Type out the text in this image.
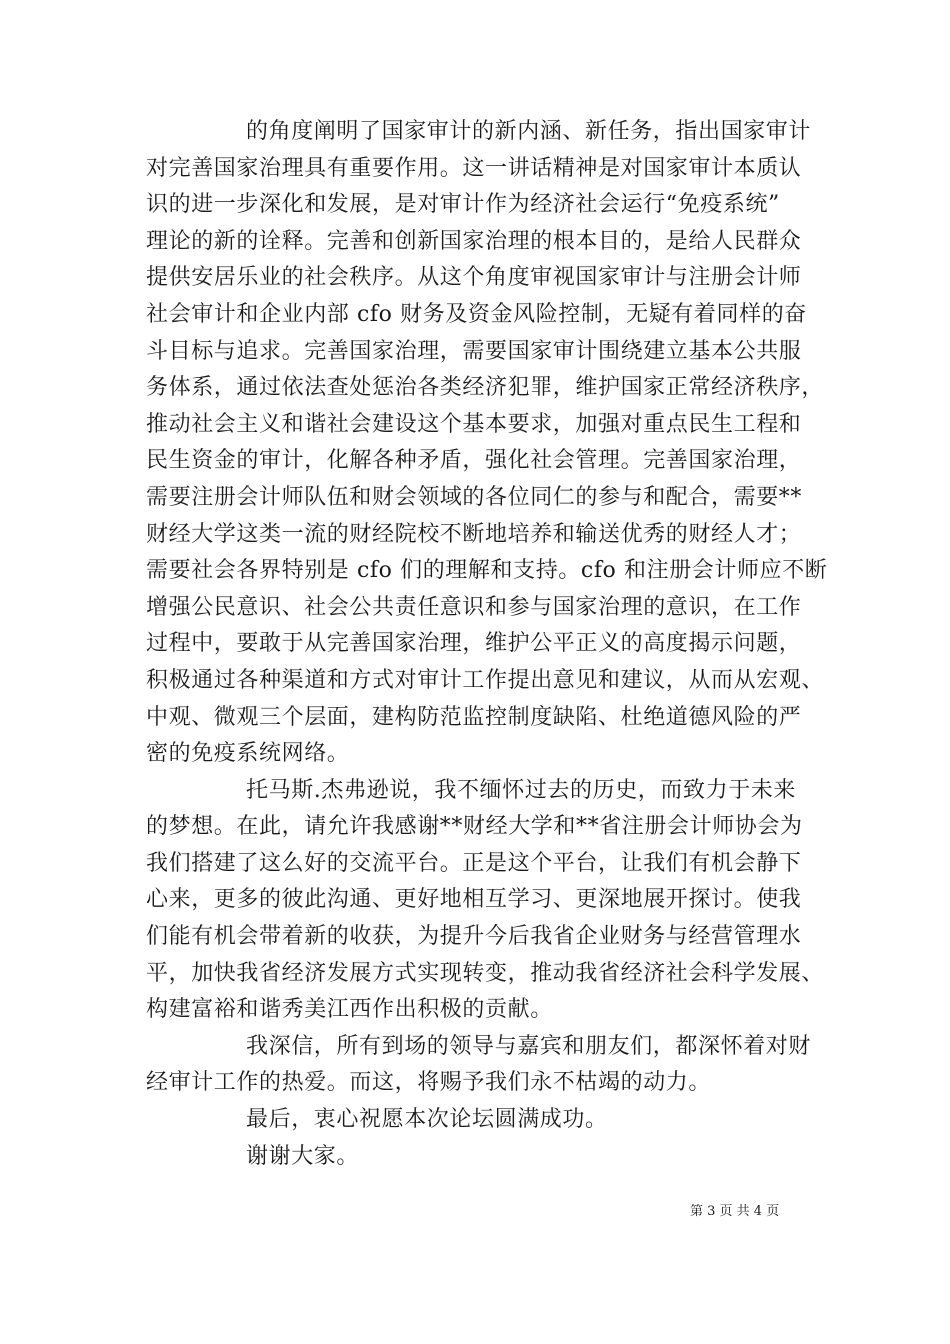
的角度阐明了国家审计的新内涵、新任务，指出国家审计
对完善国家治理具有重要作用。这一讲话精神是对国家审计本质认
识的进一步深化和发展，是对审计作为经济社会运行“免疫系统”
理论的新的诠释。完善和创新国家治理的根本目的，是给人民群众
提供安居乐业的社会秩序。从这个角度审视国家审计与注册会计师
社会审计和企业内部 cfo 财务及资金风险控制，无疑有着同样的奋
斗目标与追求。完善国家治理，需要国家审计围绕建立基本公共服
务体系，通过依法查处惩治各类经济犯罪，维护国家正常经济秩序，
推动社会主义和谐社会建设这个基本要求，加强对重点民生工程和
民生资金的审计，化解各种矛盾，强化社会管理。完善国家治理，
需要注册会计师队伍和财会领域的各位同仁的参与和配合，需要**
财经大学这类一流的财经院校不断地培养和输送优秀的财经人才；
需要社会各界特别是 cfo 们的理解和支持。cfo 和注册会计师应不断
增强公民意识、社会公共责任意识和参与国家治理的意识，在工作
过程中，要敢于从完善国家治理，维护公平正义的高度揭示问题，
积极通过各种渠道和方式对审计工作提出意见和建议，从而从宏观、
中观、微观三个层面，建构防范监控制度缺陷、杜绝道德风险的严
密的免疫系统网络。
托马斯.杰弗逊说，我不缅怀过去的历史，而致力于未来
的梦想。在此，请允许我感谢**财经大学和**省注册会计师协会为
我们搭建了这么好的交流平台。正是这个平台，让我们有机会静下
心来，更多的彼此沟通、更好地相互学习、更深地展开探讨。使我
们能有机会带着新的收获，为提升今后我省企业财务与经营管理水
平，加快我省经济发展方式实现转变，推动我省经济社会科学发展、
构建富裕和谐秀美江西作出积极的贡献。
我深信，所有到场的领导与嘉宾和朋友们，都深怀着对财
经审计工作的热爱。而这，将赐予我们永不枯竭的动力。
最后，衷心祝愿本次论坛圆满成功。
谢谢大家。
第 3 页 共 4 页
